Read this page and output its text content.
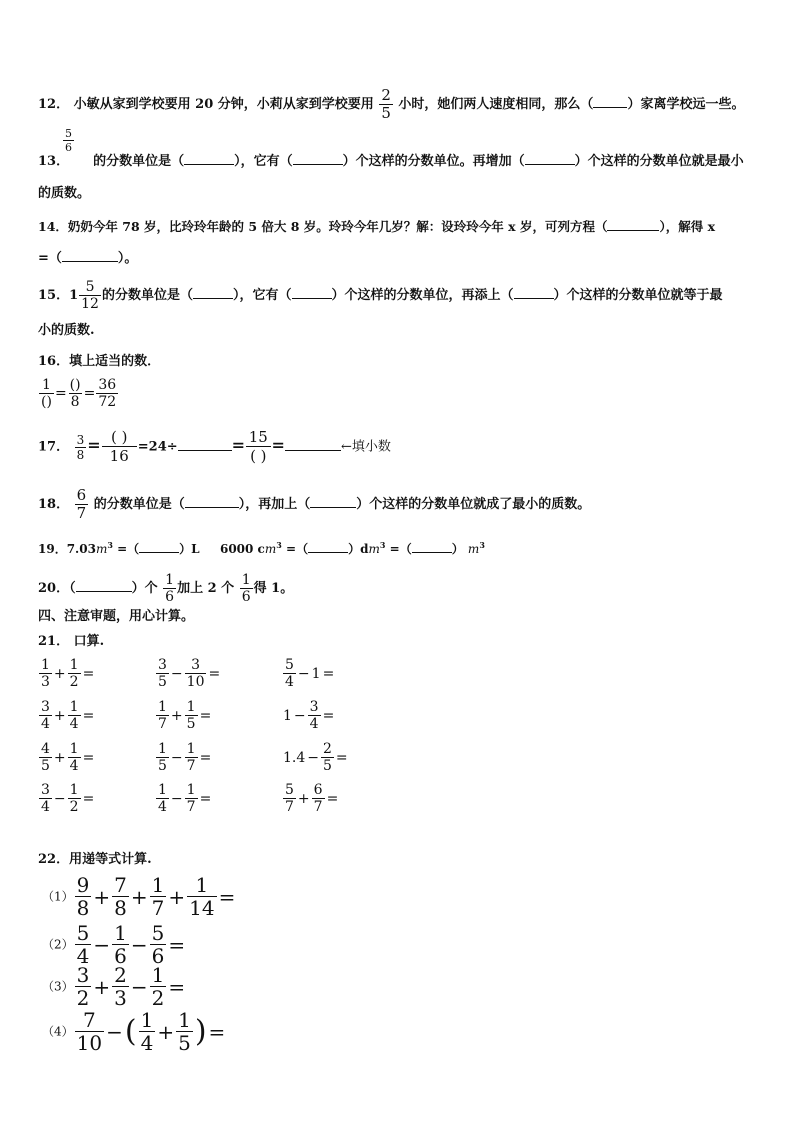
12． 小敏从家到学校要用 20 分钟，小莉从家到学校要用 $\frac{2}{5}$ 小时，她们两人速度相同，那么（	）家离学校远一些。
$\frac{5}{6}$
13． 的分数单位是（	），它有（	）个这样的分数单位。再增加（	）个这样的分数单位就是最小
的质数。
14．奶奶今年 78 岁，比玲玲年龄的 5 倍大 8 岁。玲玲今年几岁？解：设玲玲今年 x 岁，可列方程（	），解得 x
=（	）。
15．$1 \frac{5}{12}$ 的分数单位是（	），它有（	）个这样的分数单位，再添上（	）个这样的分数单位就等于最
小的质数.
16．填上适当的数．
$\frac{1}{()} = \frac{()}{8} = \frac{36}{72}$
17． $\frac{3}{8} = \frac{( )}{16} =24\div$	= $\frac{15}{( )}$ =	←填小数
18． $\frac{6}{7}$ 的分数单位是（	），再加上（	）个这样的分数单位就成了最小的质数。
19．$7.03m^3$ =（	）L 6000 $cm^3$ =（	）$dm^3$ =（	） $m^3$
20．（	）个 $\frac{1}{6}$ 加上 2 个 $\frac{1}{6}$ 得 1。
四、注意审题，用心计算。
21． 口算.
$\frac{1}{3} + \frac{1}{2}$ =	$\frac{3}{5} - \frac{3}{10}$ =	$\frac{5}{4} - 1$ =
$\frac{3}{4} + \frac{1}{4}$ =	$\frac{1}{7} + \frac{1}{5}$ =	$1 - \frac{3}{4}$ =
$\frac{4}{5} + \frac{1}{4}$ =	$\frac{1}{5} - \frac{1}{7}$ =	$1.4 - \frac{2}{5}$ =
$\frac{3}{4} - \frac{1}{2}$ =	$\frac{1}{4} - \frac{1}{7}$ =	$\frac{5}{7} + \frac{6}{7}$ =
22．用递等式计算.
$(1) \frac{9}{8} + \frac{7}{8} + \frac{1}{7} + \frac{1}{14}$ =
$(2) \frac{5}{4} - \frac{1}{6} - \frac{5}{6}$ =
$(3) \frac{3}{2} + \frac{2}{3} - \frac{1}{2}$ =
$(4) \frac{7}{10}$ − ( $\frac{1}{4} + \frac{1}{5}$ ) =
